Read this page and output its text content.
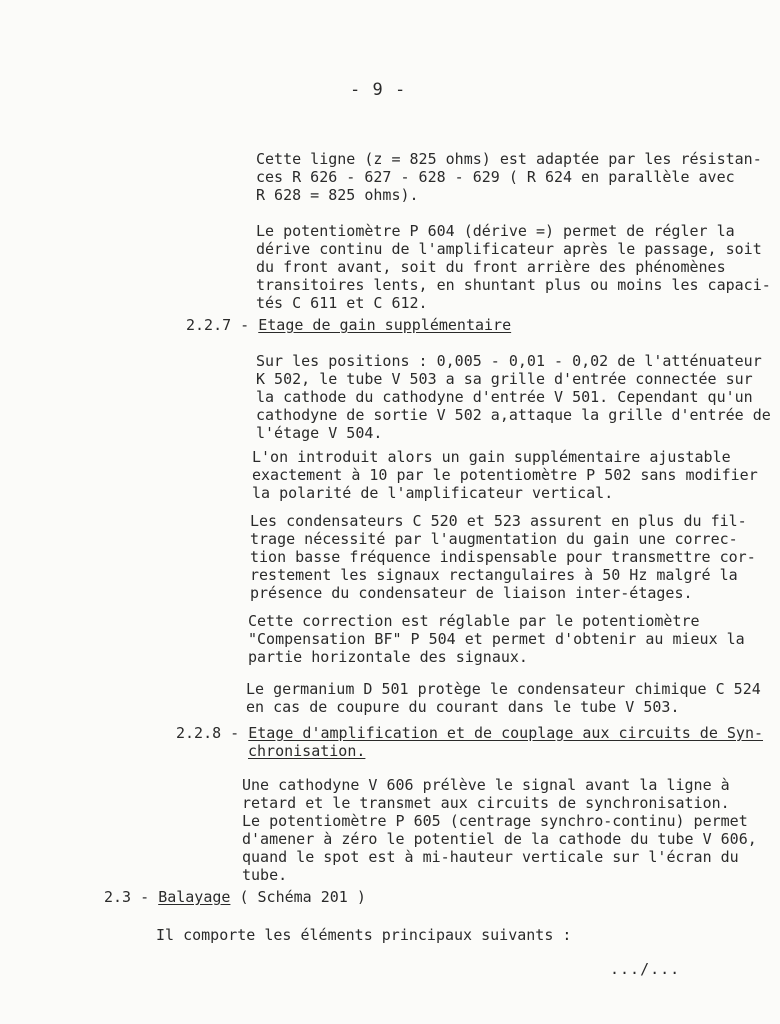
- 9 -
Cette ligne (z = 825 ohms) est adaptée par les résistan-
ces R 626 - 627 - 628 - 629 ( R 624 en parallèle avec
R 628 = 825 ohms).
Le potentiomètre P 604 (dérive =) permet de régler la
dérive continu de l'amplificateur après le passage, soit
du front avant, soit du front arrière des phénomènes
transitoires lents, en shuntant plus ou moins les capaci-
tés C 611 et C 612.
2.2.7 - Etage de gain supplémentaire
Sur les positions : 0,005 - 0,01 - 0,02 de l'atténuateur
K 502, le tube V 503 a sa grille d'entrée connectée sur
la cathode du cathodyne d'entrée V 501. Cependant qu'un
cathodyne de sortie V 502 a,attaque la grille d'entrée de
l'étage V 504.
L'on introduit alors un gain supplémentaire ajustable
exactement à 10 par le potentiomètre P 502 sans modifier
la polarité de l'amplificateur vertical.
Les condensateurs C 520 et 523 assurent en plus du fil-
trage nécessité par l'augmentation du gain une correc-
tion basse fréquence indispensable pour transmettre cor-
restement les signaux rectangulaires à 50 Hz malgré la
présence du condensateur de liaison inter-étages.
Cette correction est réglable par le potentiomètre
"Compensation BF" P 504 et permet d'obtenir au mieux la
partie horizontale des signaux.
Le germanium D 501 protège le condensateur chimique C 524
en cas de coupure du courant dans le tube V 503.
2.2.8 - Etage d'amplification et de couplage aux circuits de Syn-
chronisation.
Une cathodyne V 606 prélève le signal avant la ligne à
retard et le transmet aux circuits de synchronisation.
Le potentiomètre P 605 (centrage synchro-continu) permet
d'amener à zéro le potentiel de la cathode du tube V 606,
quand le spot est à mi-hauteur verticale sur l'écran du
tube.
2.3 - Balayage ( Schéma 201 )
Il comporte les éléments principaux suivants :
.../...
